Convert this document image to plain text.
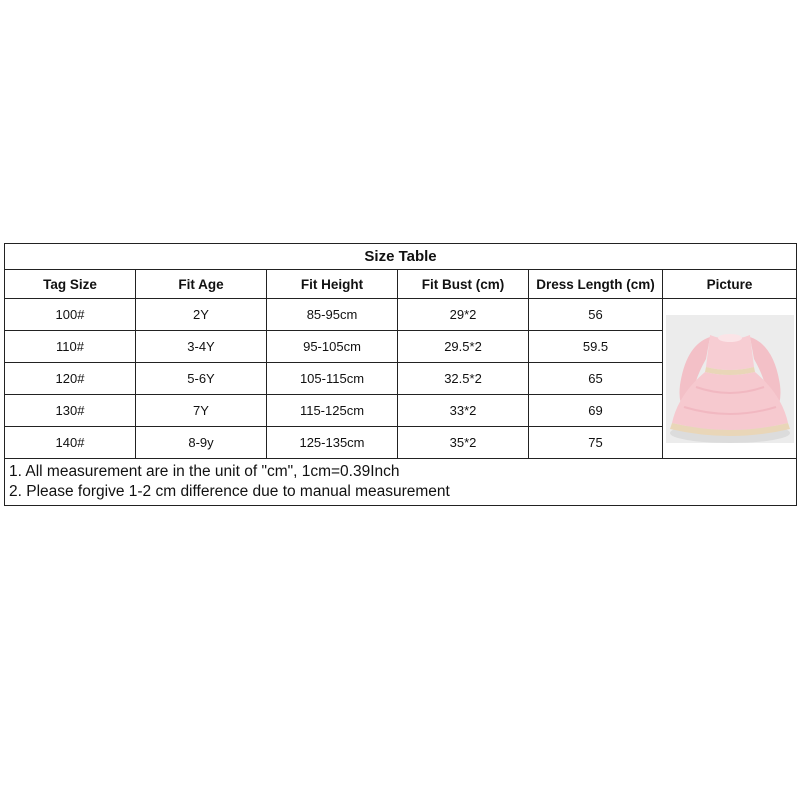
Size Table					
Tag Size	Fit Age	Fit Height	Fit Bust (cm)	Dress Length (cm)	Picture
100#	2Y	85-95cm	29*2	56	

110#	3-4Y	95-105cm	29.5*2	59.5	
120#	5-6Y	105-115cm	32.5*2	65	
130#	7Y	115-125cm	33*2	69	
140#	8-9y	125-135cm	35*2	75	

1. All measurement are in the unit of "cm", 1cm=0.39Inch
2. Please forgive 1-2 cm difference due to manual measurement					
